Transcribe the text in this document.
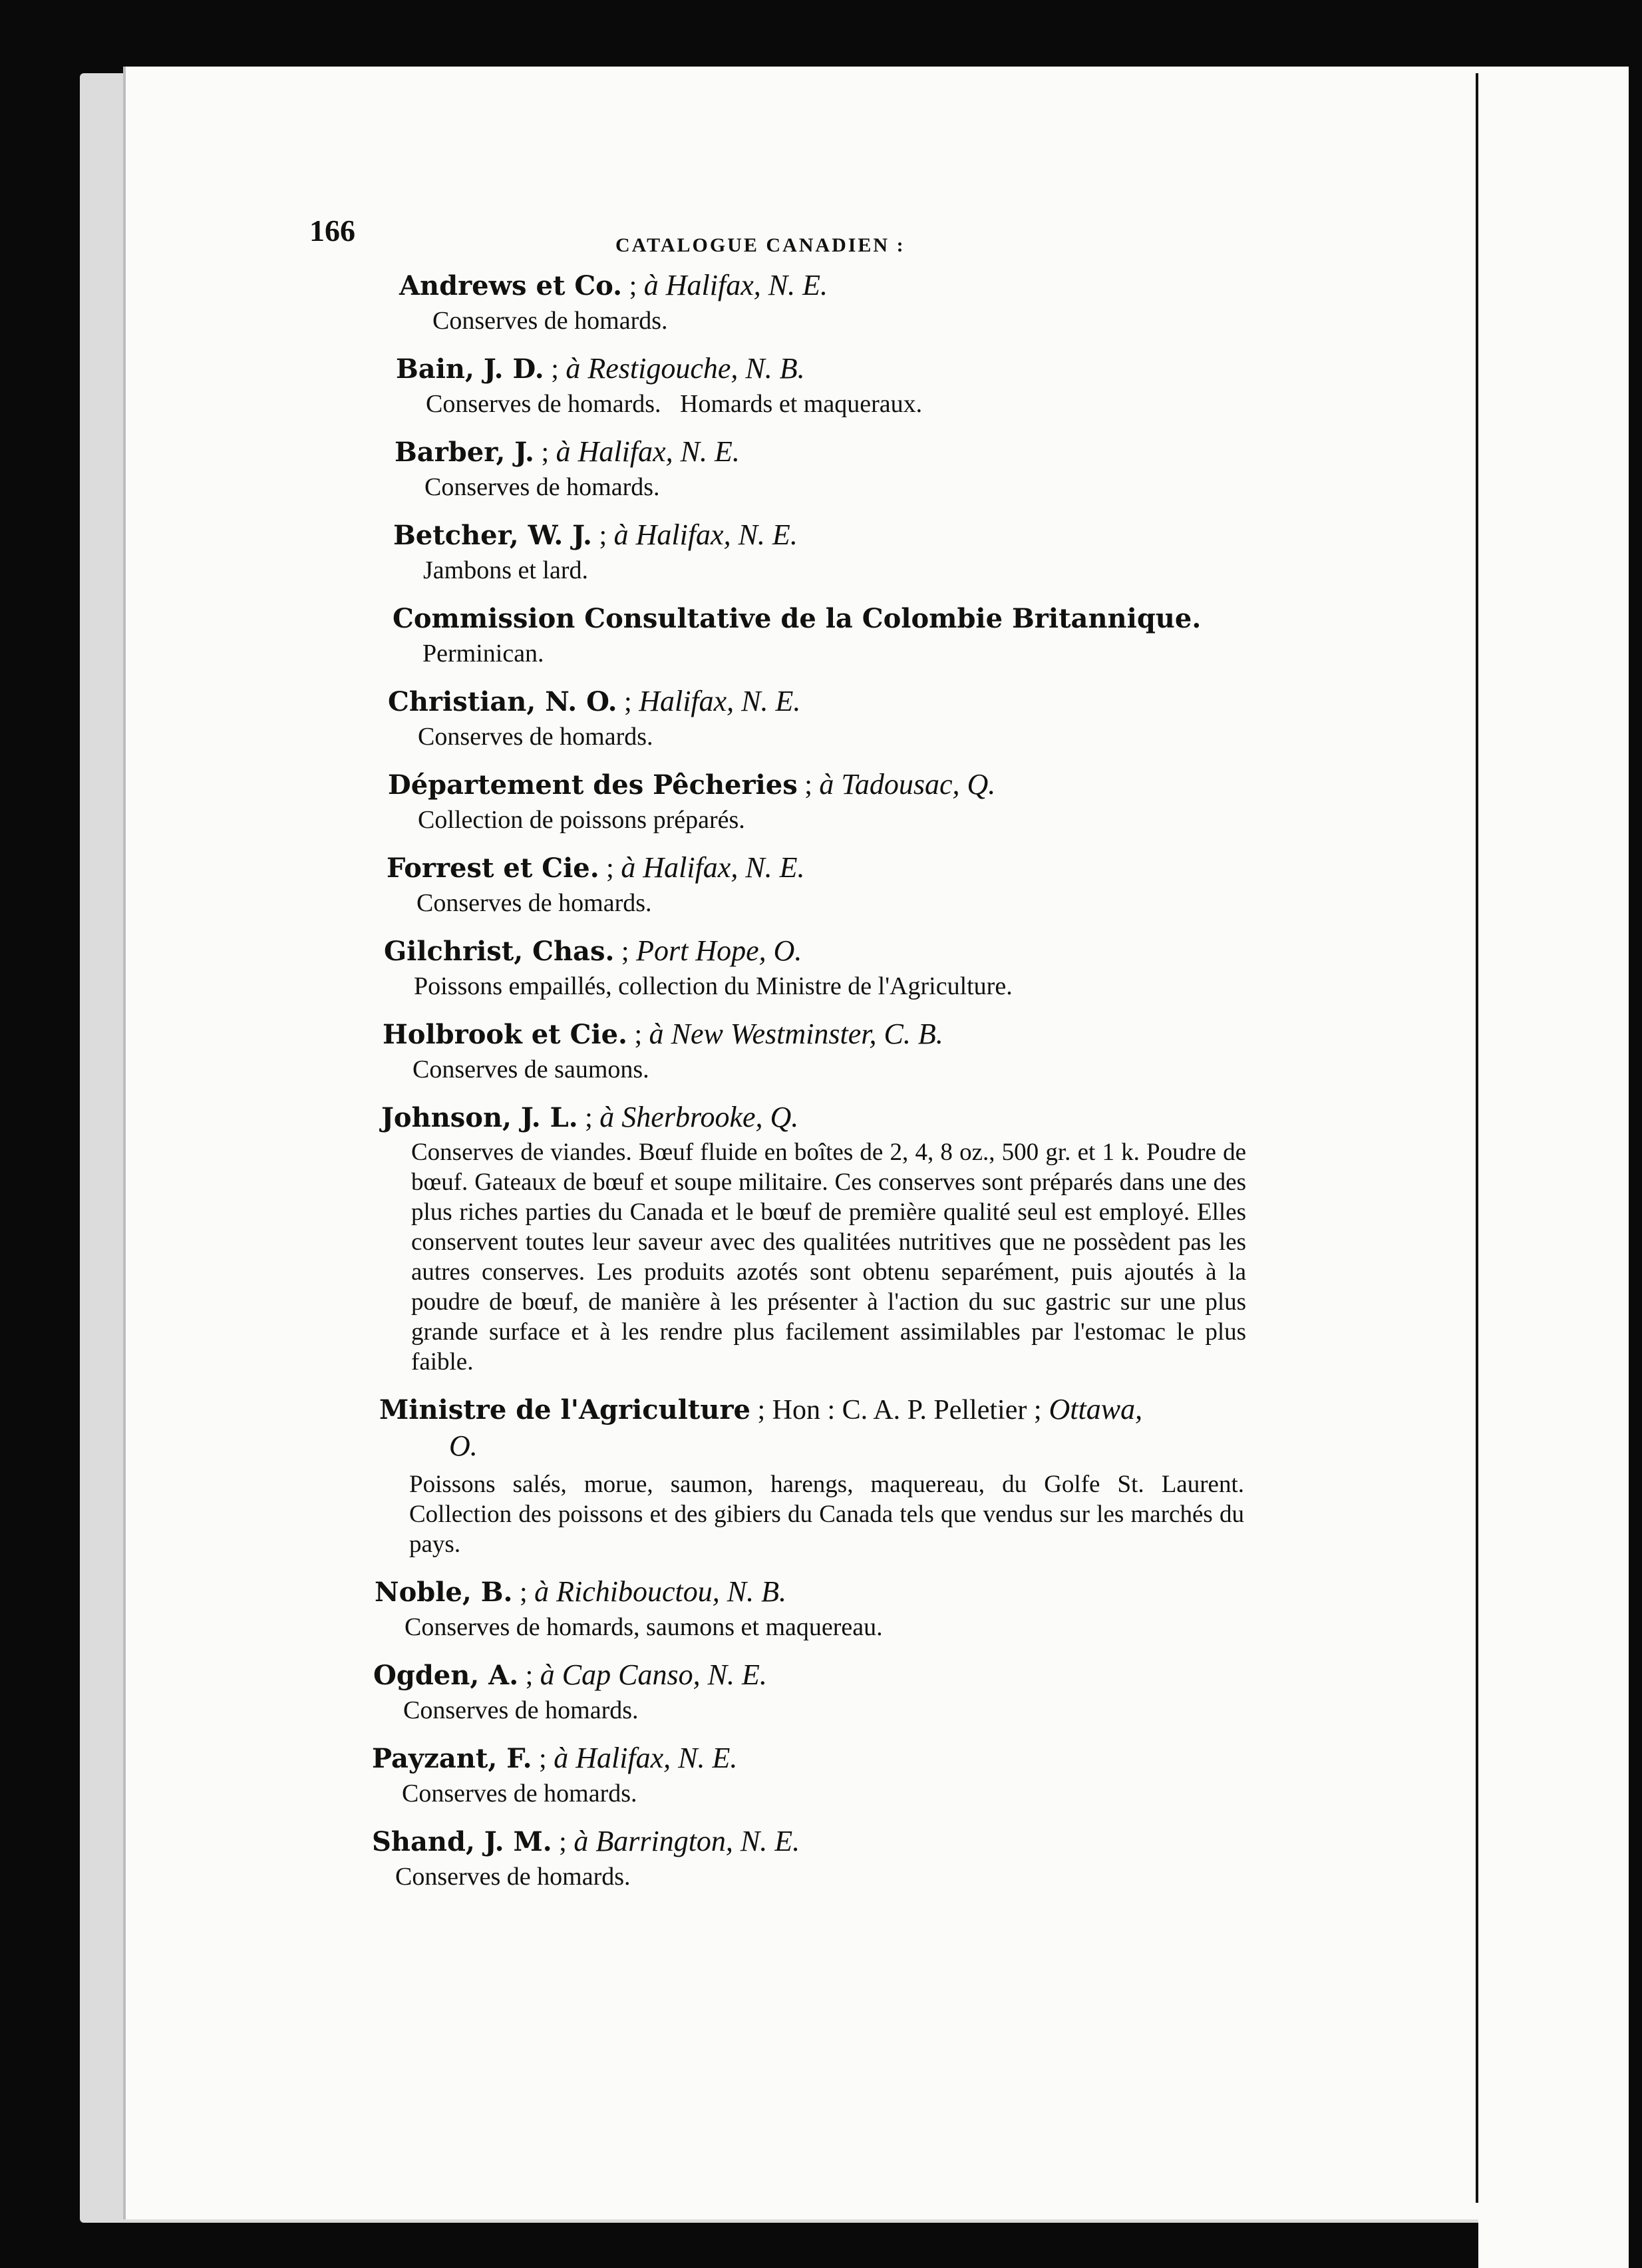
166	CATALOGUE CANADIEN :
Andrews et Co. ; à Halifax, N. E.
Conserves de homards.
Bain, J. D. ; à Restigouche, N. B.
Conserves de homards.   Homards et maqueraux.
Barber, J. ; à Halifax, N. E.
Conserves de homards.
Betcher, W. J. ; à Halifax, N. E.
Jambons et lard.
Commission Consultative de la Colombie Britannique.
Perminican.
Christian, N. O. ; Halifax, N. E.
Conserves de homards.
Département des Pêcheries ; à Tadousac, Q.
Collection de poissons préparés.
Forrest et Cie. ; à Halifax, N. E.
Conserves de homards.
Gilchrist, Chas. ; Port Hope, O.
Poissons empaillés, collection du Ministre de l'Agriculture.
Holbrook et Cie. ; à New Westminster, C. B.
Conserves de saumons.
Johnson, J. L. ; à Sherbrooke, Q.
Conserves de viandes. Bœuf fluide en boîtes de 2, 4, 8 oz., 500 gr. et 1 k. Poudre de bœuf. Gateaux de bœuf et soupe militaire. Ces conserves sont préparés dans une des plus riches parties du Canada et le bœuf de première qualité seul est employé. Elles conservent toutes leur saveur avec des qualitées nutritives que ne possèdent pas les autres conserves. Les produits azotés sont obtenu separément, puis ajoutés à la poudre de bœuf, de manière à les présenter à l'action du suc gastric sur une plus grande surface et à les rendre plus facilement assimilables par l'estomac le plus faible.
Ministre de l'Agriculture ; Hon : C. A. P. Pelletier ; Ottawa,
O.
Poissons salés, morue, saumon, harengs, maquereau, du Golfe St. Laurent. Collection des poissons et des gibiers du Canada tels que vendus sur les marchés du pays.
Noble, B. ; à Richibouctou, N. B.
Conserves de homards, saumons et maquereau.
Ogden, A. ; à Cap Canso, N. E.
Conserves de homards.
Payzant, F. ; à Halifax, N. E.
Conserves de homards.
Shand, J. M. ; à Barrington, N. E.
Conserves de homards.
